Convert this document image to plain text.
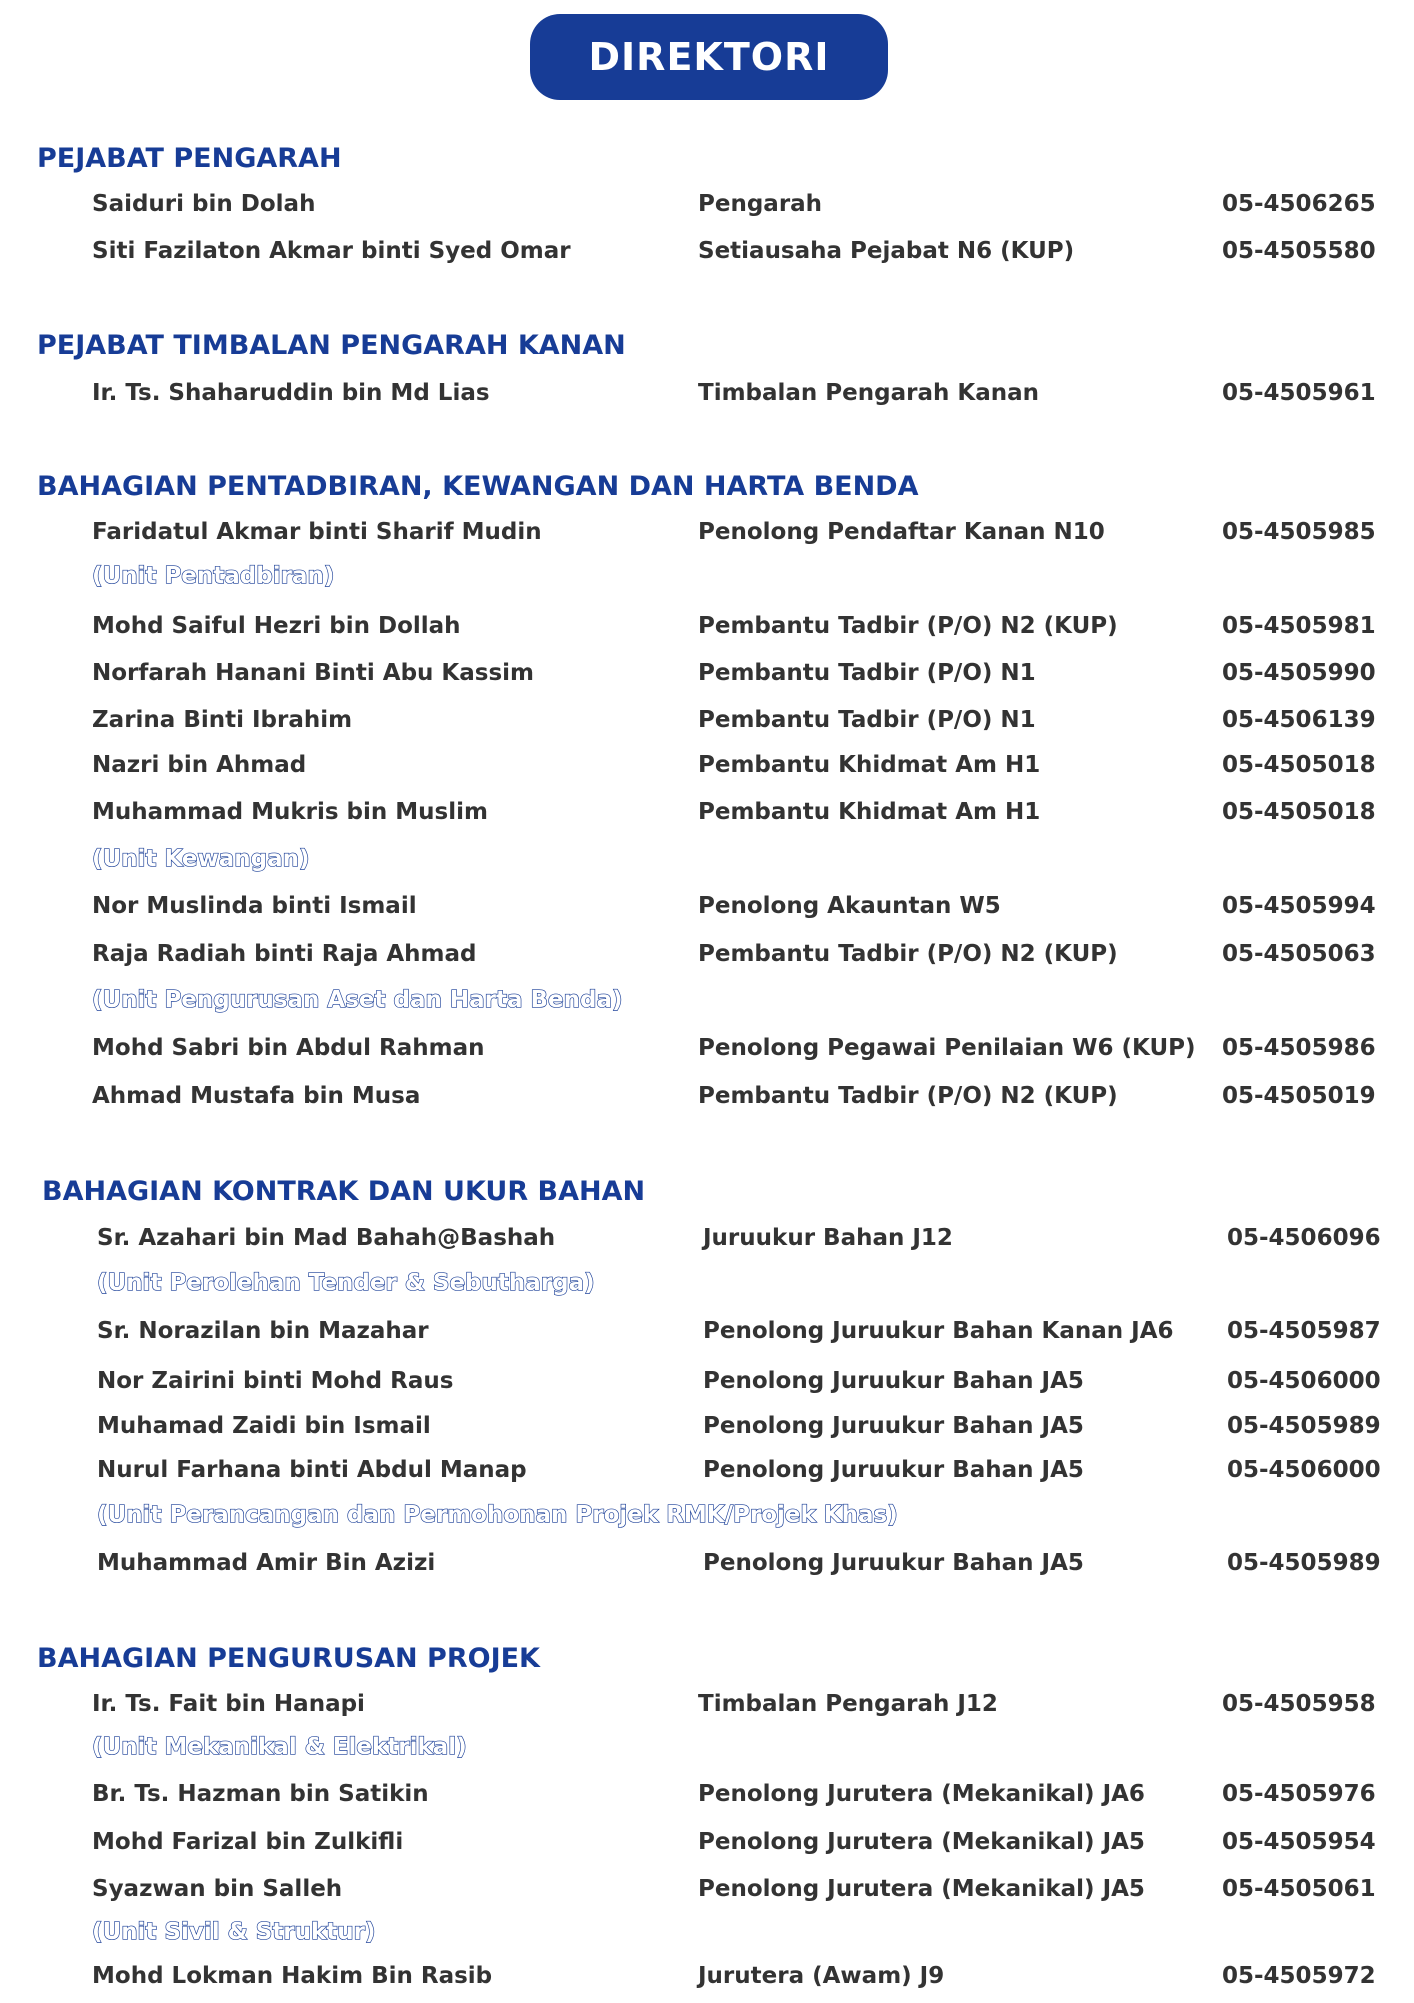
DIREKTORI
PEJABAT PENGARAH
Saiduri bin Dolah	Pengarah	05-4506265
Siti Fazilaton Akmar binti Syed Omar	Setiausaha Pejabat N6 (KUP)	05-4505580
PEJABAT TIMBALAN PENGARAH KANAN
Ir. Ts. Shaharuddin bin Md Lias	Timbalan Pengarah Kanan	05-4505961
BAHAGIAN PENTADBIRAN, KEWANGAN DAN HARTA BENDA
Faridatul Akmar binti Sharif Mudin	Penolong Pendaftar Kanan N10	05-4505985
(Unit Pentadbiran)
Mohd Saiful Hezri bin Dollah	Pembantu Tadbir (P/O) N2 (KUP)	05-4505981
Norfarah Hanani Binti Abu Kassim	Pembantu Tadbir (P/O) N1	05-4505990
Zarina Binti Ibrahim	Pembantu Tadbir (P/O) N1	05-4506139
Nazri bin Ahmad	Pembantu Khidmat Am H1	05-4505018
Muhammad Mukris bin Muslim	Pembantu Khidmat Am H1	05-4505018
(Unit Kewangan)
Nor Muslinda binti Ismail	Penolong Akauntan W5	05-4505994
Raja Radiah binti Raja Ahmad	Pembantu Tadbir (P/O) N2 (KUP)	05-4505063
(Unit Pengurusan Aset dan Harta Benda)
Mohd Sabri bin Abdul Rahman	Penolong Pegawai Penilaian W6 (KUP) 05-4505986
Ahmad Mustafa bin Musa	Pembantu Tadbir (P/O) N2 (KUP)	05-4505019
BAHAGIAN KONTRAK DAN UKUR BAHAN
Sr. Azahari bin Mad Bahah@Bashah	Juruukur Bahan J12	05-4506096
(Unit Perolehan Tender & Sebutharga)
Sr. Norazilan bin Mazahar	Penolong Juruukur Bahan Kanan JA6 05-4505987
Nor Zairini binti Mohd Raus	Penolong Juruukur Bahan JA5	05-4506000
Muhamad Zaidi bin Ismail	Penolong Juruukur Bahan JA5	05-4505989
Nurul Farhana binti Abdul Manap	Penolong Juruukur Bahan JA5	05-4506000
(Unit Perancangan dan Permohonan Projek RMK/Projek Khas)
Muhammad Amir Bin Azizi	Penolong Juruukur Bahan JA5	05-4505989
BAHAGIAN PENGURUSAN PROJEK
Ir. Ts. Fait bin Hanapi	Timbalan Pengarah J12	05-4505958
(Unit Mekanikal & Elektrikal)
Br. Ts. Hazman bin Satikin	Penolong Jurutera (Mekanikal) JA6	05-4505976
Mohd Farizal bin Zulkifli	Penolong Jurutera (Mekanikal) JA5	05-4505954
Syazwan bin Salleh	Penolong Jurutera (Mekanikal) JA5	05-4505061
(Unit Sivil & Struktur)
Mohd Lokman Hakim Bin Rasib	Jurutera (Awam) J9	05-4505972
